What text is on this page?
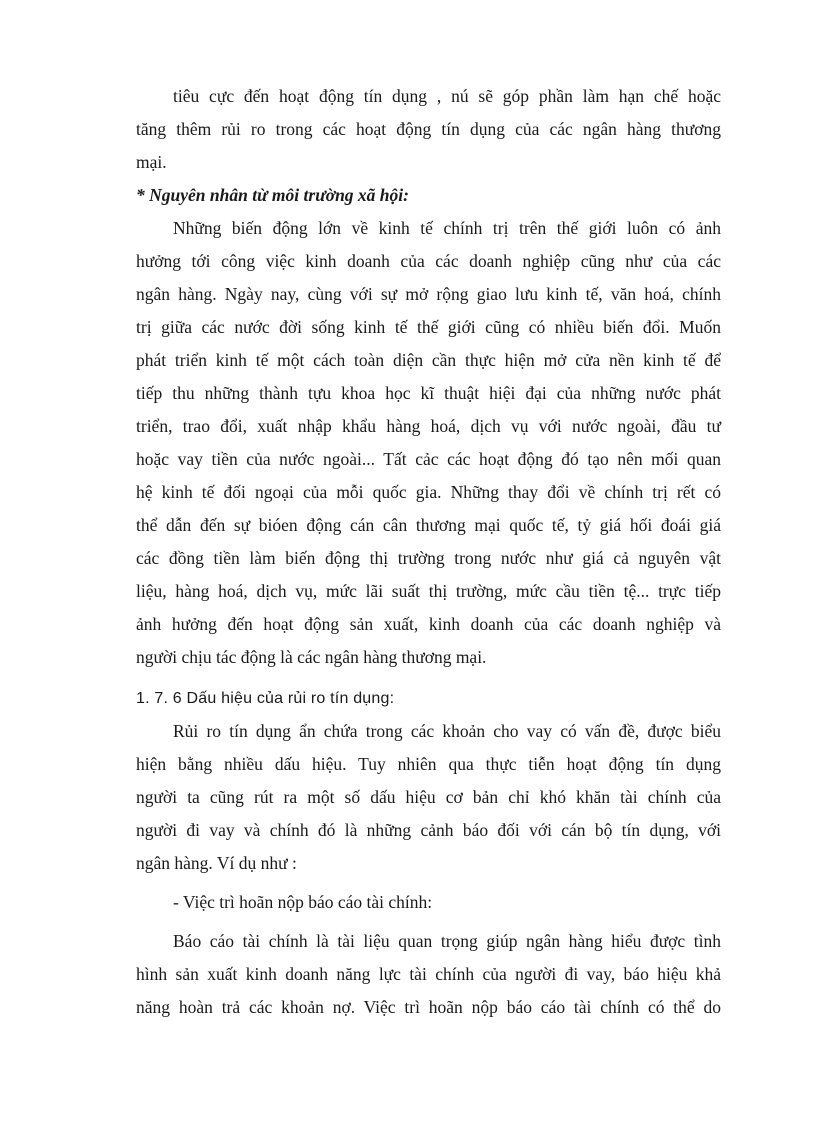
tiêu cực đến hoạt động tín dụng , nú sẽ góp phần làm hạn chế hoặc
tăng thêm rủi ro trong các hoạt động tín dụng của các ngân hàng thương
mại.
* Nguyên nhân từ môi trường xã hội:
Những biến động lớn về kinh tế chính trị trên thế giới luôn có ảnh
hưởng tới công việc kinh doanh của các doanh nghiệp cũng như của các
ngân hàng. Ngày nay, cùng với sự mở rộng giao lưu kinh tế, văn hoá, chính
trị giữa các nước đời sống kinh tế thế giới cũng có nhiều biến đổi. Muốn
phát triển kinh tế một cách toàn diện cần thực hiện mở cửa nền kinh tế để
tiếp thu những thành tựu khoa học kĩ thuật hiệi đại của những nước phát
triển, trao đổi, xuất nhập khẩu hàng hoá, dịch vụ với nước ngoài, đầu tư
hoặc vay tiền của nước ngoài... Tất cảc các hoạt động đó tạo nên mối quan
hệ kinh tế đối ngoại của mỗi quốc gia. Những thay đổi về chính trị rết có
thể dẫn đến sự bióen động cán cân thương mại quốc tế, tỷ giá hối đoái giá
các đồng tiền làm biến động thị trường trong nước như giá cả nguyên vật
liệu, hàng hoá, dịch vụ, mức lãi suất thị trường, mức cầu tiền tệ... trực tiếp
ảnh hưởng đến hoạt động sản xuất, kinh doanh của các doanh nghiệp và
người chịu tác động là các ngân hàng thương mại.
1. 7. 6 Dấu hiệu của rủi ro tín dụng:
Rủi ro tín dụng ẩn chứa trong các khoản cho vay có vấn đề, được biểu
hiện bằng nhiều dấu hiệu. Tuy nhiên qua thực tiễn hoạt động tín dụng
người ta cũng rút ra một số dấu hiệu cơ bản chỉ khó khăn tài chính của
người đi vay và chính đó là những cảnh báo đối với cán bộ tín dụng, với
ngân hàng. Ví dụ như :
- Việc trì hoãn nộp báo cáo tài chính:
Báo cáo tài chính là tài liệu quan trọng giúp ngân hàng hiểu được tình
hình sản xuất kinh doanh năng lực tài chính của người đi vay, báo hiệu khả
năng hoàn trả các khoản nợ. Việc trì hoãn nộp báo cáo tài chính có thể do
